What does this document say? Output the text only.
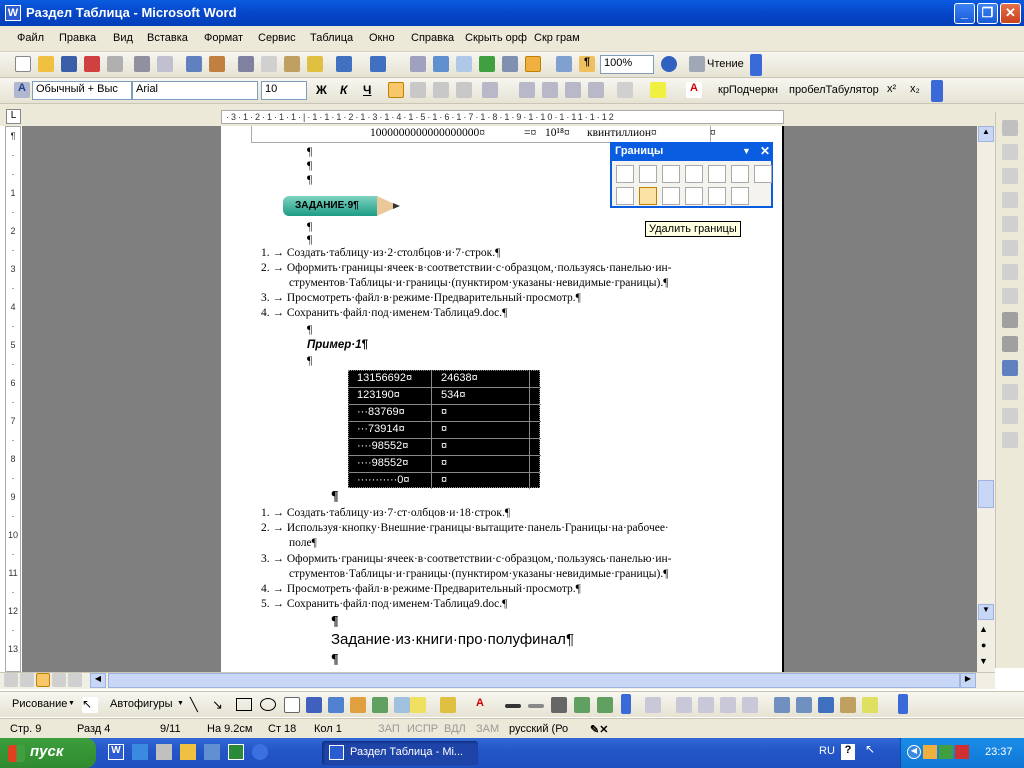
W Раздел Таблица - Microsoft Word	_	❐ ✕
Файл Правка Вид Вставка Формат Сервис Таблица Окно Справка Скрыть орф Скр грам
¶	100%	Чтение
A Обычный + Выс	Arial	10	Ж К Ч	A	крПодчеркн пробелТабулятор x² x₂
L	·3·1·2·1·1·1·|·1·1·1·2·1·3·1·4·1·5·1·6·1·7·1·8·1·9·1·10·1·11·1·12
¶
·
·
1
·
2
·
3
·
4
·
5
·
6
·
7
·
8
·
9
·
10
·
11
·
12
·
13
1000000000000000000¤	=¤ 10¹⁸¤ квинтиллион¤	¤
¶
¶
¶
ЗАДАНИЕ·9¶
¶
¶
1. → Создать·таблицу·из·2·столбцов·и·7·строк.¶
2. → Оформить·границы·ячеек·в·соответствии·с·образцом,·пользуясь·панелью·ин-
струментов·Таблицы·и·границы·(пунктиром·указаны·невидимые·границы).¶
3. → Просмотреть·файл·в·режиме·Предварительный·просмотр.¶
4. → Сохранить·файл·под·именем·Таблица9.doc.¶
¶
Пример·1¶
¶
13156692¤	24638¤
123190¤	534¤
···83769¤	¤
···73914¤	¤
····98552¤	¤
····98552¤	¤
···········0¤	¤
¶
1. → Создать·таблицу·из·7·ст·олбцов·и·18·строк.¶
2. → Используя·кнопку·Внешние·границы·вытащите·панель·Границы·на·рабочее·
поле¶
3. → Оформить·границы·ячеек·в·соответствии·с·образцом,·пользуясь·панелью·ин-
струментов·Таблицы·и·границы·(пунктиром·указаны·невидимые·границы).¶
4. → Просмотреть·файл·в·режиме·Предварительный·просмотр.¶
5. → Сохранить·файл·под·именем·Таблица9.doc.¶
¶
Задание·из·книги·про·полуфинал¶
¶
Границы	▼ ✕
Удалить границы
▲
▼
▲
●
▼
◀	▶
Рисование ▼ ↖	Автофигуры ▼ ╲	↘	A
Стр. 9	Разд 4	9/11 На 9.2см Ст 18 Кол 1	ЗАП ИСПР ВДЛ ЗАМ русский (Ро ✎✕
пуск	W	Раздел Таблица - Mi...	RU ?	↖	◀	23:37
